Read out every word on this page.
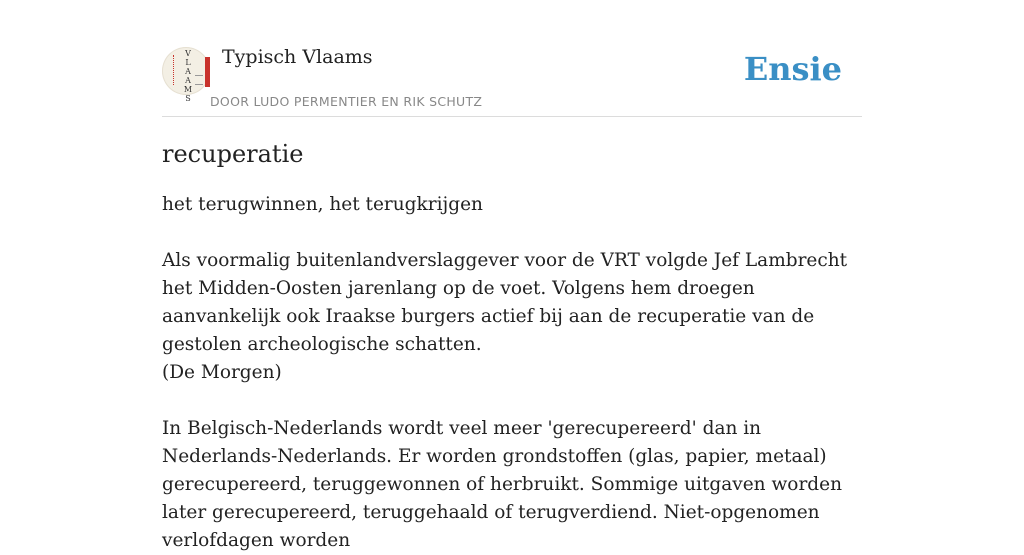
V
L
A
A
M
S
Typisch Vlaams
DOOR LUDO PERMENTIER EN RIK SCHUTZ
Ensie
recuperatie

het terugwinnen, het terugkrijgen

Als voormalig buitenlandverslaggever voor de VRT volgde Jef Lambrecht het Midden-Oosten jarenlang op de voet. Volgens hem droegen aanvankelijk ook Iraakse burgers actief bij aan de recuperatie van de gestolen archeologische schatten.

(De Morgen)

In Belgisch-Nederlands wordt veel meer 'gerecupereerd' dan in Nederlands-Nederlands. Er worden grondstoffen (glas, papier, metaal) gerecupereerd, teruggewonnen of herbruikt. Sommige uitgaven worden later gerecupereerd, teruggehaald of terugverdiend. Niet-opgenomen verlofdagen worden
